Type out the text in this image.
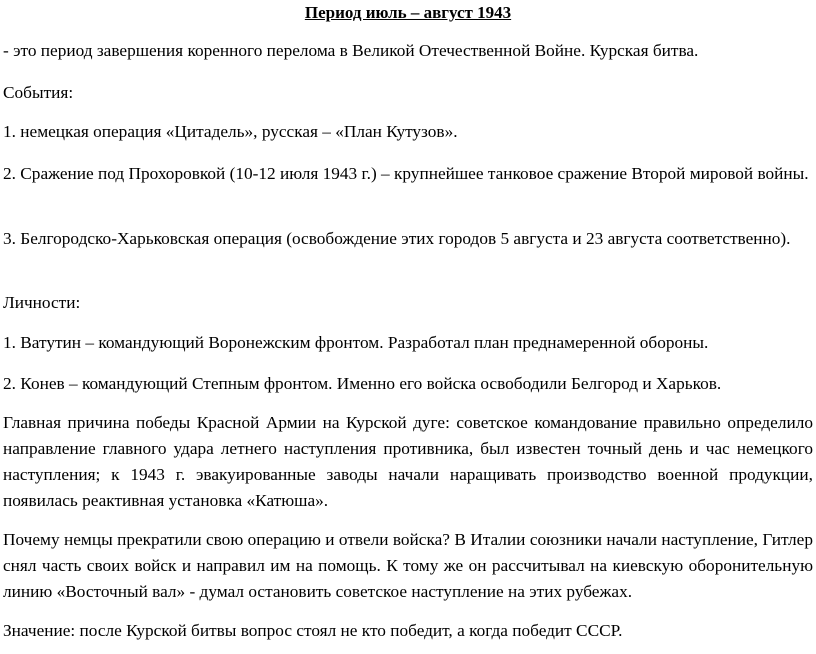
Период июль – август 1943

- это период завершения коренного перелома в Великой Отечественной Войне. Курская битва.

События:

1. немецкая операция «Цитадель», русская – «План Кутузов».

2. Сражение под Прохоровкой (10-12 июля 1943 г.) – крупнейшее танковое сражение Второй мировой войны.

3. Белгородско-Харьковская операция (освобождение этих городов 5 августа и 23 августа соответственно).

Личности:

1. Ватутин – командующий Воронежским фронтом. Разработал план преднамеренной обороны.

2. Конев – командующий Степным фронтом. Именно его войска освободили Белгород и Харьков.

Главная причина победы Красной Армии на Курской дуге: советское командование правильно определило направление главного удара летнего наступления противника, был известен точный день и час немецкого наступления; к 1943 г. эвакуированные заводы начали наращивать производство военной продукции, появилась реактивная установка «Катюша».

Почему немцы прекратили свою операцию и отвели войска? В Италии союзники начали наступление, Гитлер снял часть своих войск и направил им на помощь. К тому же он рассчитывал на киевскую оборонительную линию «Восточный вал» - думал остановить советское наступление на этих рубежах.

Значение: после Курской битвы вопрос стоял не кто победит, а когда победит СССР.
